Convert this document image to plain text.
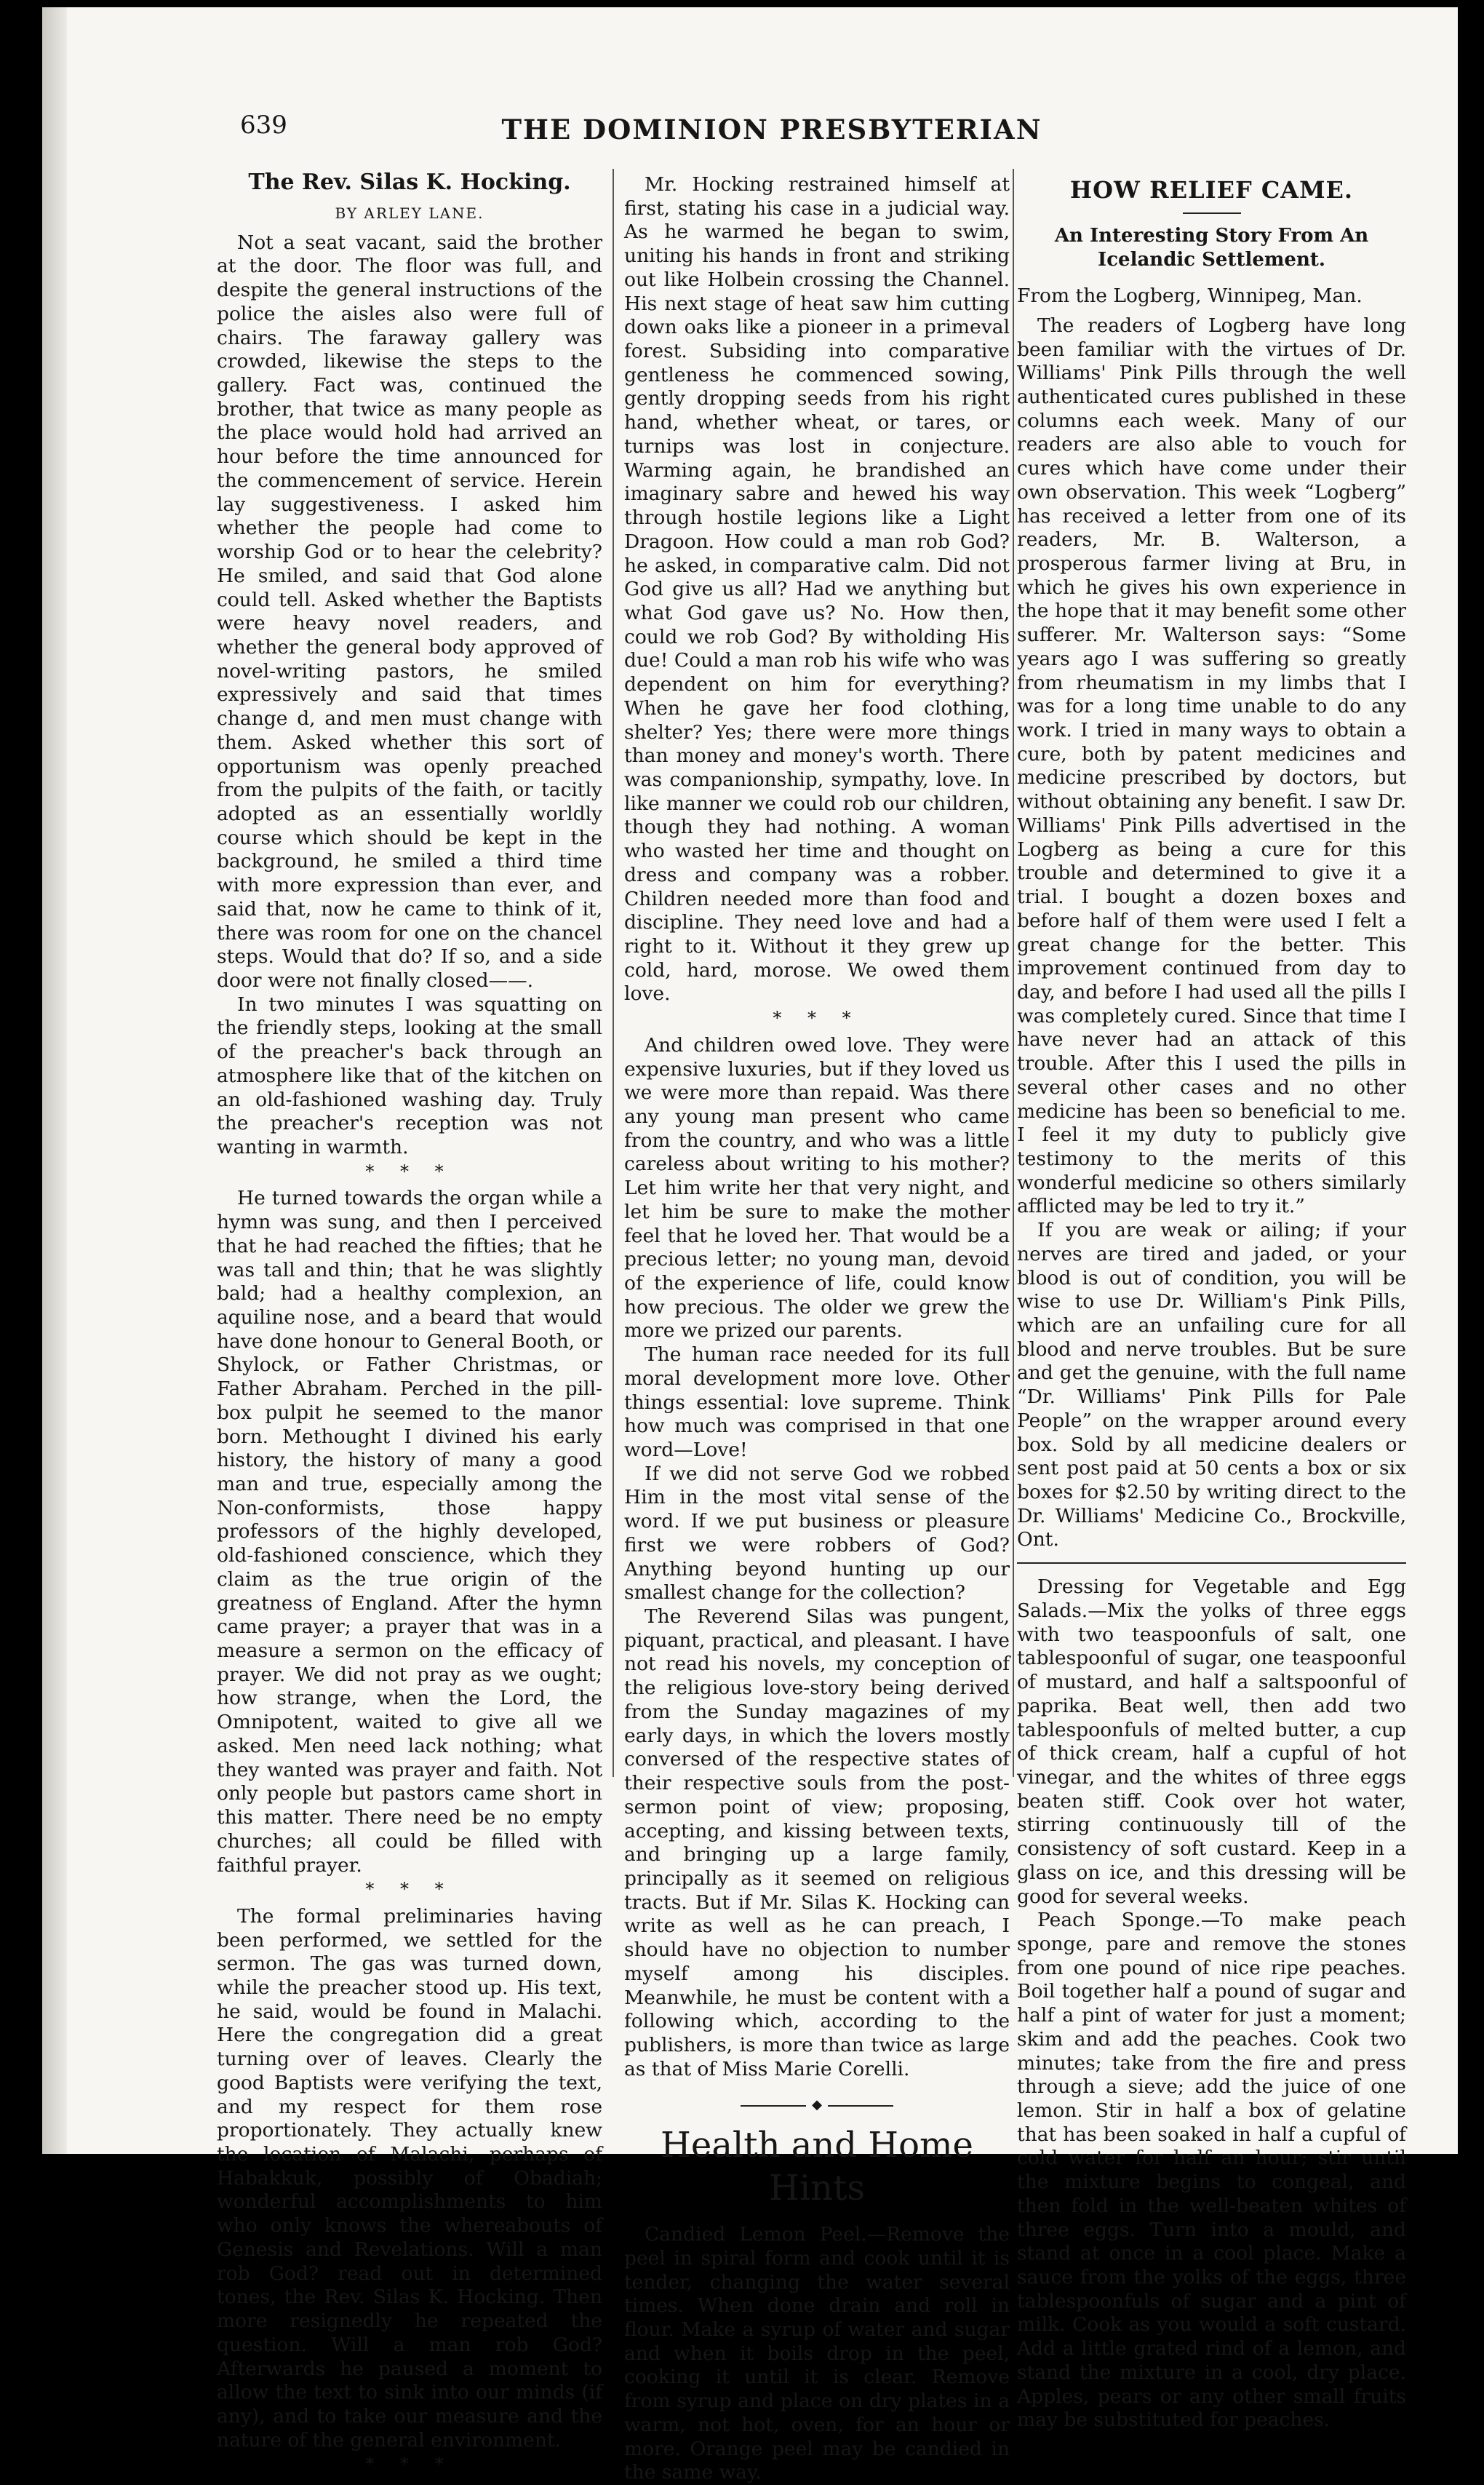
639	THE DOMINION PRESBYTERIAN
The Rev. Silas K. Hocking.
BY ARLEY LANE.

Not a seat vacant, said the brother at the door. The floor was full, and despite the general instructions of the police the aisles also were full of chairs. The faraway gallery was crowded, likewise the steps to the gallery. Fact was, continued the brother, that twice as many people as the place would hold had arrived an hour before the time announced for the commencement of service. Herein lay suggestiveness. I asked him whether the people had come to worship God or to hear the celebrity? He smiled, and said that God alone could tell. Asked whether the Baptists were heavy novel readers, and whether the general body approved of novel-writing pastors, he smiled expressively and said that times change d, and men must change with them. Asked whether this sort of opportunism was openly preached from the pulpits of the faith, or tacitly adopted as an essentially worldly course which should be kept in the background, he smiled a third time with more expression than ever, and said that, now he came to think of it, there was room for one on the chancel steps. Would that do? If so, and a side door were not finally closed——.

In two minutes I was squatting on the friendly steps, looking at the small of the preacher's back through an atmosphere like that of the kitchen on an old-fashioned washing day. Truly the preacher's reception was not wanting in warmth.

* * *

He turned towards the organ while a hymn was sung, and then I perceived that he had reached the fifties; that he was tall and thin; that he was slightly bald; had a healthy complexion, an aquiline nose, and a beard that would have done honour to General Booth, or Shylock, or Father Christmas, or Father Abraham. Perched in the pill-box pulpit he seemed to the manor born. Methought I divined his early history, the history of many a good man and true, especially among the Non-conformists, those happy professors of the highly developed, old-fashioned conscience, which they claim as the true origin of the greatness of England. After the hymn came prayer; a prayer that was in a measure a sermon on the efficacy of prayer. We did not pray as we ought; how strange, when the Lord, the Omnipotent, waited to give all we asked. Men need lack nothing; what they wanted was prayer and faith. Not only people but pastors came short in this matter. There need be no empty churches; all could be filled with faithful prayer.

* * *

The formal preliminaries having been performed, we settled for the sermon. The gas was turned down, while the preacher stood up. His text, he said, would be found in Malachi. Here the congregation did a great turning over of leaves. Clearly the good Baptists were verifying the text, and my respect for them rose proportionately. They actually knew the location of Malachi, perhaps of Habakkuk, possibly of Obadiah; wonderful accomplishments to him who only knows the whereabouts of Genesis and Revelations. Will a man rob God? read out in determined tones, the Rev. Silas K. Hocking. Then more resignedly he repeated the question. Will a man rob God? Afterwards he paused a moment to allow the text to sink into our minds (if any), and to take our measure and the nature of the general environment.

* * *

Mr. Hocking restrained himself at first, stating his case in a judicial way. As he warmed he began to swim, uniting his hands in front and striking out like Holbein crossing the Channel. His next stage of heat saw him cutting down oaks like a pioneer in a primeval forest. Subsiding into comparative gentleness he commenced sowing, gently dropping seeds from his right hand, whether wheat, or tares, or turnips was lost in conjecture. Warming again, he brandished an imaginary sabre and hewed his way through hostile legions like a Light Dragoon. How could a man rob God? he asked, in comparative calm. Did not God give us all? Had we anything but what God gave us? No. How then, could we rob God? By witholding His due! Could a man rob his wife who was dependent on him for everything? When he gave her food clothing, shelter? Yes; there were more things than money and money's worth. There was companionship, sympathy, love. In like manner we could rob our children, though they had nothing. A woman who wasted her time and thought on dress and company was a robber. Children needed more than food and discipline. They need love and had a right to it. Without it they grew up cold, hard, morose. We owed them love.

* * *

And children owed love. They were expensive luxuries, but if they loved us we were more than repaid. Was there any young man present who came from the country, and who was a little careless about writing to his mother? Let him write her that very night, and let him be sure to make the mother feel that he loved her. That would be a precious letter; no young man, devoid of the experience of life, could know how precious. The older we grew the more we prized our parents.

The human race needed for its full moral development more love. Other things essential: love supreme. Think how much was comprised in that one word—Love!

If we did not serve God we robbed Him in the most vital sense of the word. If we put business or pleasure first we were robbers of God? Anything beyond hunting up our smallest change for the collection?

The Reverend Silas was pungent, piquant, practical, and pleasant. I have not read his novels, my conception of the religious love-story being derived from the Sunday magazines of my early days, in which the lovers mostly conversed of the respective states of their respective souls from the post-sermon point of view; proposing, accepting, and kissing between texts, and bringing up a large family, principally as it seemed on religious tracts. But if Mr. Silas K. Hocking can write as well as he can preach, I should have no objection to number myself among his disciples. Meanwhile, he must be content with a following which, according to the publishers, is more than twice as large as that of Miss Marie Corelli.

◆
Health and Home Hints

Candied Lemon Peel.—Remove the peel in spiral form and cook until it is tender, changing the water several times. When done drain and roll in flour. Make a syrup of water and sugar and when it boils drop in the peel, cooking it until it is clear. Remove from syrup and place on dry plates in a warm, not hot, oven, for an hour or more. Orange peel may be candied in the same way.

HOW RELIEF CAME.
An Interesting Story From An Icelandic Settlement.

From the Logberg, Winnipeg, Man.

The readers of Logberg have long been familiar with the virtues of Dr. Williams' Pink Pills through the well authenticated cures published in these columns each week. Many of our readers are also able to vouch for cures which have come under their own observation. This week “Logberg” has received a letter from one of its readers, Mr. B. Walterson, a prosperous farmer living at Bru, in which he gives his own experience in the hope that it may benefit some other sufferer. Mr. Walterson says: “Some years ago I was suffering so greatly from rheumatism in my limbs that I was for a long time unable to do any work. I tried in many ways to obtain a cure, both by patent medicines and medicine prescribed by doctors, but without obtaining any benefit. I saw Dr. Williams' Pink Pills advertised in the Logberg as being a cure for this trouble and determined to give it a trial. I bought a dozen boxes and before half of them were used I felt a great change for the better. This improvement continued from day to day, and before I had used all the pills I was completely cured. Since that time I have never had an attack of this trouble. After this I used the pills in several other cases and no other medicine has been so beneficial to me. I feel it my duty to publicly give testimony to the merits of this wonderful medicine so others similarly afflicted may be led to try it.”

If you are weak or ailing; if your nerves are tired and jaded, or your blood is out of condition, you will be wise to use Dr. William's Pink Pills, which are an unfailing cure for all blood and nerve troubles. But be sure and get the genuine, with the full name “Dr. Williams' Pink Pills for Pale People” on the wrapper around every box. Sold by all medicine dealers or sent post paid at 50 cents a box or six boxes for $2.50 by writing direct to the Dr. Williams' Medicine Co., Brockville, Ont.

Dressing for Vegetable and Egg Salads.—Mix the yolks of three eggs with two teaspoonfuls of salt, one tablespoonful of sugar, one teaspoonful of mustard, and half a saltspoonful of paprika. Beat well, then add two tablespoonfuls of melted butter, a cup of thick cream, half a cupful of hot vinegar, and the whites of three eggs beaten stiff. Cook over hot water, stirring continuously till of the consistency of soft custard. Keep in a glass on ice, and this dressing will be good for several weeks.

Peach Sponge.—To make peach sponge, pare and remove the stones from one pound of nice ripe peaches. Boil together half a pound of sugar and half a pint of water for just a moment; skim and add the peaches. Cook two minutes; take from the fire and press through a sieve; add the juice of one lemon. Stir in half a box of gelatine that has been soaked in half a cupful of cold water for half an hour; stir until the mixture begins to congeal, and then fold in the well-beaten whites of three eggs. Turn into a mould, and stand at once in a cool place. Make a sauce from the yolks of the eggs, three tablespoonfuls of sugar and a pint of milk. Cook as you would a soft custard. Add a little grated rind of a lemon, and stand the mixture in a cool, dry place. Apples, pears or any other small fruits may be substituted for peaches.
